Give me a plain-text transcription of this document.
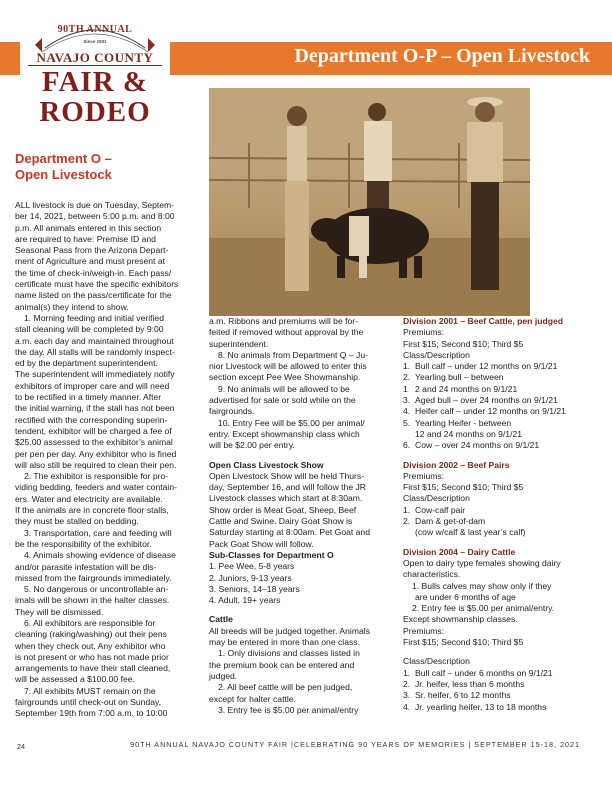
Department O-P – Open Livestock
90TH ANNUAL
Since 1931
NAVAJO COUNTY
FAIR & RODEO
Department O –
Open Livestock

ALL livestock is due on Tuesday, Septem-

ber 14, 2021, between 5:00 p.m. and 8:00

p.m. All animals entered in this section

are required to have: Premise ID and

Seasonal Pass from the Arizona Depart-

ment of Agriculture and must present at

the time of check-in/weigh-in. Each pass/

certificate must have the specific exhibitors

name listed on the pass/certificate for the

animal(s) they intend to show.

1. Morning feeding and initial verified

stall cleaning will be completed by 9:00

a.m. each day and maintained throughout

the day. All stalls will be randomly inspect-

ed by the department superintendent.

The superintendent will immediately notify

exhibitors of improper care and will need

to be rectified in a timely manner. After

the initial warning, if the stall has not been

rectified with the corresponding superin-

tendent, exhibitor will be charged a fee of

$25.00 assessed to the exhibitor’s animal

per pen per day. Any exhibitor who is fined

will also still be required to clean their pen.

2. The exhibitor is responsible for pro-

viding bedding, feeders and water contain-

ers. Water and electricity are available.

If the animals are in concrete floor stalls,

they must be stalled on bedding.

3. Transportation, care and feeding will

be the responsibility of the exhibitor.

4. Animals showing evidence of disease

and/or parasite infestation will be dis-

missed from the fairgrounds immediately.

5. No dangerous or uncontrollable an-

imals will be shown in the halter classes.

They will be dismissed.

6. All exhibitors are responsible for

cleaning (raking/washing) out their pens

when they check out. Any exhibitor who

is not present or who has not made prior

arrangements to have their stall cleaned,

will be assessed a $100.00 fee.

7. All exhibits MUST remain on the

fairgrounds until check-out on Sunday,

September 19th from 7:00 a.m. to 10:00

a.m. Ribbons and premiums will be for-

feited if removed without approval by the

superintendent.

8. No animals from Department Q – Ju-

nior Livestock will be allowed to enter this

section except Pee Wee Showmanship.

9. No animals will be allowed to be

advertised for sale or sold while on the

fairgrounds.

10. Entry Fee will be $5.00 per animal/

entry. Except showmanship class which

will be $2.00 per entry.

Open Class Livestock Show

Open Livestock Show will be held Thurs-

day, September 16, and will follow the JR

Livestock classes which start at 8:30am.

Show order is Meat Goat, Sheep, Beef

Cattle and Swine. Dairy Goat Show is

Saturday starting at 8:00am. Pet Goat and

Pack Goat Show will follow.

Sub-Classes for Department O

1. Pee Wee, 5-8 years

2. Juniors, 9-13 years

3. Seniors, 14–18 years

4. Adult, 19+ years

Cattle

All breeds will be judged together. Animals

may be entered in more than one class.

1. Only divisions and classes listed in

the premium book can be entered and

judged.

2. All beef cattle will be pen judged,

except for halter cattle.

3. Entry fee is $5.00 per animal/entry

Division 2001 – Beef Cattle, pen judged

Premiums:

First $15; Second $10; Third $5

Class/Description

1. Bull calf – under 12 months on 9/1/21
2. Yearling bull – between
1 2 and 24 months on 9/1/21
3. Aged bull – over 24 months on 9/1/21
4. Heifer calf – under 12 months on 9/1/21
5. Yearling Heifer - between
12 and 24 months on 9/1/21
6. Cow – over 24 months on 9/1/21

Division 2002 – Beef Pairs

Premiums:

First $15; Second $10; Third $5

Class/Description

1. Cow-calf pair
2. Dam & get-of-dam
(cow w/calf & last year’s calf)

Division 2004 – Dairy Cattle

Open to dairy type females showing dairy

characteristics.

1. Bulls calves may show only if they

are under 6 months of age

2. Entry fee is $5.00 per animal/entry.

Except showmanship classes.

Premiums:

First $15; Second $10; Third $5

Class/Description

1. Bull calf – under 6 months on 9/1/21
2. Jr. heifer, less than 6 months
3. Sr. heifer, 6 to 12 months
4. Jr. yearling heifer, 13 to 18 months
24	90TH ANNUAL NAVAJO COUNTY FAIR |CELEBRATING 90 YEARS OF MEMORIES | SEPTEMBER 15-18, 2021
